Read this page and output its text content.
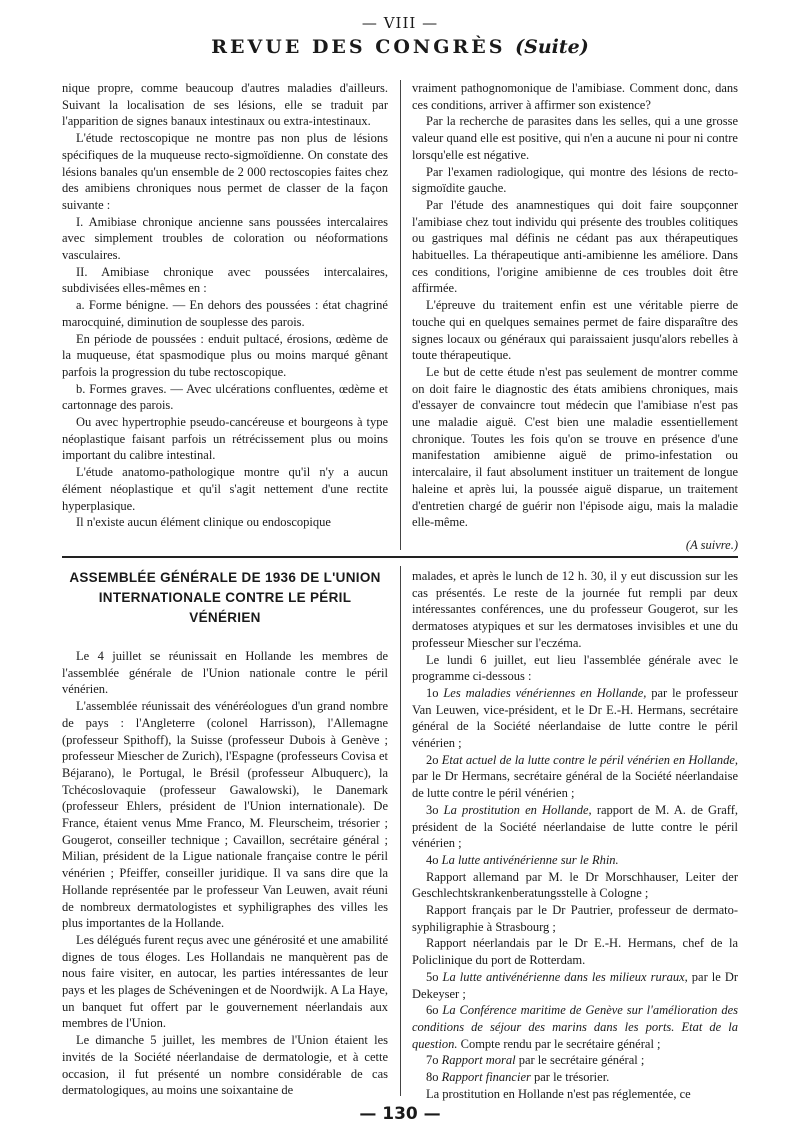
— VIII —
REVUE DES CONGRÈS (Suite)

nique propre, comme beaucoup d'autres maladies d'ailleurs. Suivant la localisation de ses lésions, elle se traduit par l'apparition de signes banaux intestinaux ou extra-intestinaux.

L'étude rectoscopique ne montre pas non plus de lésions spécifiques de la muqueuse recto-sigmoïdienne. On constate des lésions banales qu'un ensemble de 2 000 rectoscopies faites chez des amibiens chroniques nous permet de classer de la façon suivante :

I. Amibiase chronique ancienne sans poussées intercalaires avec simplement troubles de coloration ou néoformations vasculaires.

II. Amibiase chronique avec poussées intercalaires, subdivisées elles-mêmes en :

a. Forme bénigne. — En dehors des poussées : état chagriné marocquiné, diminution de souplesse des parois.

En période de poussées : enduit pultacé, érosions, œdème de la muqueuse, état spasmodique plus ou moins marqué gênant parfois la progression du tube rectoscopique.

b. Formes graves. — Avec ulcérations confluentes, œdème et cartonnage des parois.

Ou avec hypertrophie pseudo-cancéreuse et bourgeons à type néoplastique faisant parfois un rétrécissement plus ou moins important du calibre intestinal.

L'étude anatomo-pathologique montre qu'il n'y a aucun élément néoplastique et qu'il s'agit nettement d'une rectite hyperplasique.

Il n'existe aucun élément clinique ou endoscopique

vraiment pathognomonique de l'amibiase. Comment donc, dans ces conditions, arriver à affirmer son existence?

Par la recherche de parasites dans les selles, qui a une grosse valeur quand elle est positive, qui n'en a aucune ni pour ni contre lorsqu'elle est négative.

Par l'examen radiologique, qui montre des lésions de recto-sigmoïdite gauche.

Par l'étude des anamnestiques qui doit faire soupçonner l'amibiase chez tout individu qui présente des troubles colitiques ou gastriques mal définis ne cédant pas aux thérapeutiques habituelles. La thérapeutique anti-amibienne les améliore. Dans ces conditions, l'origine amibienne de ces troubles doit être affirmée.

L'épreuve du traitement enfin est une véritable pierre de touche qui en quelques semaines permet de faire disparaître des signes locaux ou généraux qui paraissaient jusqu'alors rebelles à toute thérapeutique.

Le but de cette étude n'est pas seulement de montrer comme on doit faire le diagnostic des états amibiens chroniques, mais d'essayer de convaincre tout médecin que l'amibiase n'est pas une maladie aiguë. C'est bien une maladie essentiellement chronique. Toutes les fois qu'on se trouve en présence d'une manifestation amibienne aiguë de primo-infestation ou intercalaire, il faut absolument instituer un traitement de longue haleine et après lui, la poussée aiguë disparue, un traitement d'entretien chargé de guérir non l'épisode aigu, mais la maladie elle-même.

(A suivre.)

ASSEMBLÉE GÉNÉRALE DE 1936 DE L'UNION
INTERNATIONALE CONTRE LE PÉRIL VÉNÉRIEN

Le 4 juillet se réunissait en Hollande les membres de l'assemblée générale de l'Union nationale contre le péril vénérien.

L'assemblée réunissait des vénéréologues d'un grand nombre de pays : l'Angleterre (colonel Harrisson), l'Allemagne (professeur Spithoff), la Suisse (professeur Dubois à Genève ; professeur Miescher de Zurich), l'Espagne (professeurs Covisa et Béjarano), le Portugal, le Brésil (professeur Albuquerc), la Tchécoslovaquie (professeur Gawalowski), le Danemark (professeur Ehlers, président de l'Union internationale). De France, étaient venus Mme Franco, M. Fleurscheim, trésorier ; Gougerot, conseiller technique ; Cavaillon, secrétaire général ; Milian, président de la Ligue nationale française contre le péril vénérien ; Pfeiffer, conseiller juridique. Il va sans dire que la Hollande représentée par le professeur Van Leuwen, avait réuni de nombreux dermatologistes et syphiligraphes des villes les plus importantes de la Hollande.

Les délégués furent reçus avec une générosité et une amabilité dignes de tous éloges. Les Hollandais ne manquèrent pas de nous faire visiter, en autocar, les parties intéressantes de leur pays et les plages de Schéveningen et de Noordwijk. A La Haye, un banquet fut offert par le gouvernement néerlandais aux membres de l'Union.

Le dimanche 5 juillet, les membres de l'Union étaient les invités de la Société néerlandaise de dermatologie, et à cette occasion, il fut présenté un nombre considérable de cas dermatologiques, au moins une soixantaine de

malades, et après le lunch de 12 h. 30, il y eut discussion sur les cas présentés. Le reste de la journée fut rempli par deux intéressantes conférences, une du professeur Gougerot, sur les dermatoses atypiques et sur les dermatoses invisibles et une du professeur Miescher sur l'eczéma.

Le lundi 6 juillet, eut lieu l'assemblée générale avec le programme ci-dessous :

1o Les maladies vénériennes en Hollande, par le professeur Van Leuwen, vice-président, et le Dr E.-H. Hermans, secrétaire général de la Société néerlandaise de lutte contre le péril vénérien ;

2o Etat actuel de la lutte contre le péril vénérien en Hollande, par le Dr Hermans, secrétaire général de la Société néerlandaise de lutte contre le péril vénérien ;

3o La prostitution en Hollande, rapport de M. A. de Graff, président de la Société néerlandaise de lutte contre le péril vénérien ;

4o La lutte antivénérienne sur le Rhin.

Rapport allemand par M. le Dr Morschhauser, Leiter der Geschlechtskrankenberatungsstelle à Cologne ;

Rapport français par le Dr Pautrier, professeur de dermato-syphiligraphie à Strasbourg ;

Rapport néerlandais par le Dr E.-H. Hermans, chef de la Policlinique du port de Rotterdam.

5o La lutte antivénérienne dans les milieux ruraux, par le Dr Dekeyser ;

6o La Conférence maritime de Genève sur l'amélioration des conditions de séjour des marins dans les ports. Etat de la question. Compte rendu par le secrétaire général ;

7o Rapport moral par le secrétaire général ;

8o Rapport financier par le trésorier.

La prostitution en Hollande n'est pas réglementée, ce

— 130 —
